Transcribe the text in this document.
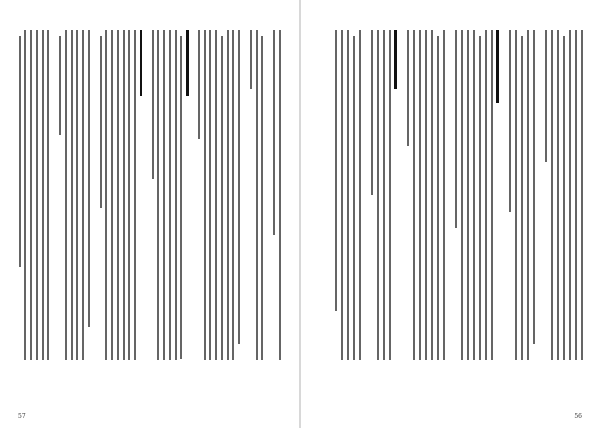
57	56
